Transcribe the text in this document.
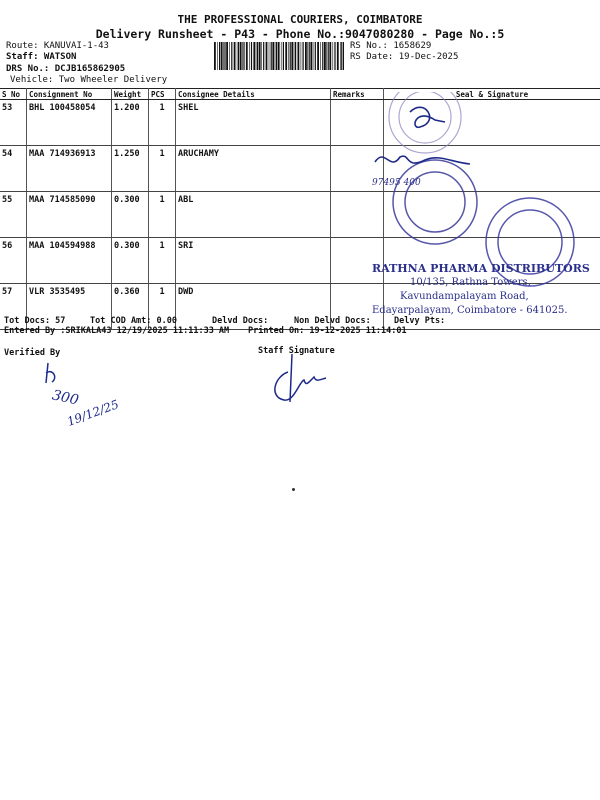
THE PROFESSIONAL COURIERS, COIMBATORE
Delivery Runsheet - P43 - Phone No.:9047080280 - Page No.:5
Route: KANUVAI-1-43
Staff: WATSON
DRS No.: DCJB165862905
Vehicle: Two Wheeler Delivery
RS No.: 1658629
RS Date: 19-Dec-2025
S No	Consignment No	Weight	PCS	Consignee Details	Remarks	Seal & Signature
53	BHL 100458054	1.200	1	SHEL		
54	MAA 714936913	1.250	1	ARUCHAMY		
55	MAA 714585090	0.300	1	ABL		
56	MAA 104594988	0.300	1	SRI		
57	VLR 3535495	0.360	1	DWD		
97495 400
RATHNA PHARMA DISTRIBUTORS
10/135, Rathna Towers,
Kavundampalayam Road,
Edayarpalayam, Coimbatore - 641025.
Tot Docs: 57	Tot COD Amt: 0.00	Delvd Docs:	Non Delvd Docs:	Delvy Pts:
Entered By :SRIKALA43 12/19/2025 11:11:33 AM Printed On: 19-12-2025 11:14:01
Verified By	Staff Signature
300
19/12/25
